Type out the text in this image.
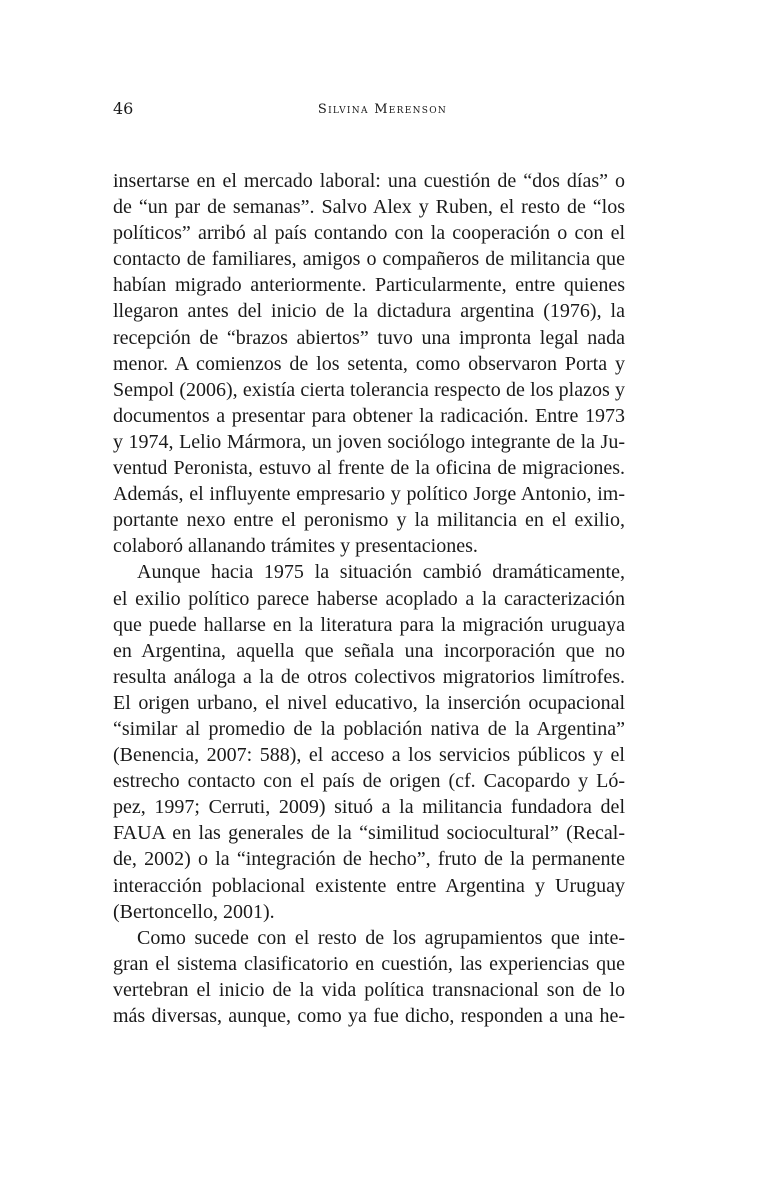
46	Silvina Merenson
insertarse en el mercado laboral: una cuestión de “dos días” o
de “un par de semanas”. Salvo Alex y Ruben, el resto de “los
políticos” arribó al país contando con la cooperación o con el
contacto de familiares, amigos o compañeros de militancia que
habían migrado anteriormente. Particularmente, entre quienes
llegaron antes del inicio de la dictadura argentina (1976), la
recepción de “brazos abiertos” tuvo una impronta legal nada
menor. A comienzos de los setenta, como observaron Porta y
Sempol (2006), existía cierta tolerancia respecto de los plazos y
documentos a presentar para obtener la radicación. Entre 1973
y 1974, Lelio Mármora, un joven sociólogo integrante de la Ju-
ventud Peronista, estuvo al frente de la oficina de migraciones.
Además, el influyente empresario y político Jorge Antonio, im-
portante nexo entre el peronismo y la militancia en el exilio,
colaboró allanando trámites y presentaciones.
Aunque hacia 1975 la situación cambió dramáticamente,
el exilio político parece haberse acoplado a la caracterización
que puede hallarse en la literatura para la migración uruguaya
en Argentina, aquella que señala una incorporación que no
resulta análoga a la de otros colectivos migratorios limítrofes.
El origen urbano, el nivel educativo, la inserción ocupacional
“similar al promedio de la población nativa de la Argentina”
(Benencia, 2007: 588), el acceso a los servicios públicos y el
estrecho contacto con el país de origen (cf. Cacopardo y Ló-
pez, 1997; Cerruti, 2009) situó a la militancia fundadora del
FAUA en las generales de la “similitud sociocultural” (Recal-
de, 2002) o la “integración de hecho”, fruto de la permanente
interacción poblacional existente entre Argentina y Uruguay
(Bertoncello, 2001).
Como sucede con el resto de los agrupamientos que inte-
gran el sistema clasificatorio en cuestión, las experiencias que
vertebran el inicio de la vida política transnacional son de lo
más diversas, aunque, como ya fue dicho, responden a una he-
